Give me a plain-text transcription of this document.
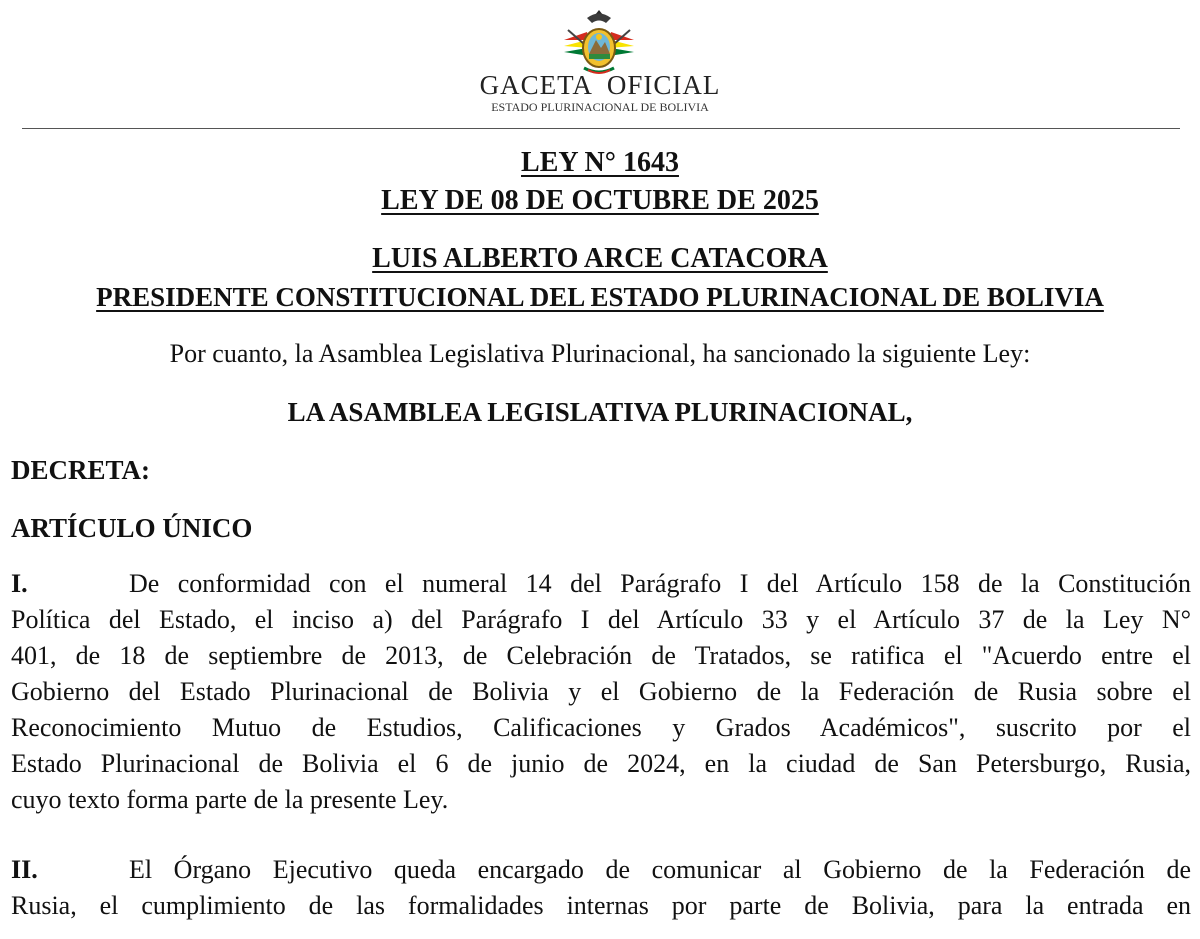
GACETA OFICIAL
ESTADO PLURINACIONAL DE BOLIVIA
LEY N° 1643
LEY DE 08 DE OCTUBRE DE 2025
LUIS ALBERTO ARCE CATACORA
PRESIDENTE CONSTITUCIONAL DEL ESTADO PLURINACIONAL DE BOLIVIA
Por cuanto, la Asamblea Legislativa Plurinacional, ha sancionado la siguiente Ley:
LA ASAMBLEA LEGISLATIVA PLURINACIONAL,
DECRETA:
ARTÍCULO ÚNICO
I.	De conformidad con el numeral 14 del Parágrafo I del Artículo 158 de la Constitución
Política del Estado, el inciso a) del Parágrafo I del Artículo 33 y el Artículo 37 de la Ley N°
401, de 18 de septiembre de 2013, de Celebración de Tratados, se ratifica el "Acuerdo entre el
Gobierno del Estado Plurinacional de Bolivia y el Gobierno de la Federación de Rusia sobre el
Reconocimiento Mutuo de Estudios, Calificaciones y Grados Académicos", suscrito por el
Estado Plurinacional de Bolivia el 6 de junio de 2024, en la ciudad de San Petersburgo, Rusia,
cuyo texto forma parte de la presente Ley.
II.	El Órgano Ejecutivo queda encargado de comunicar al Gobierno de la Federación de
Rusia, el cumplimiento de las formalidades internas por parte de Bolivia, para la entrada en
